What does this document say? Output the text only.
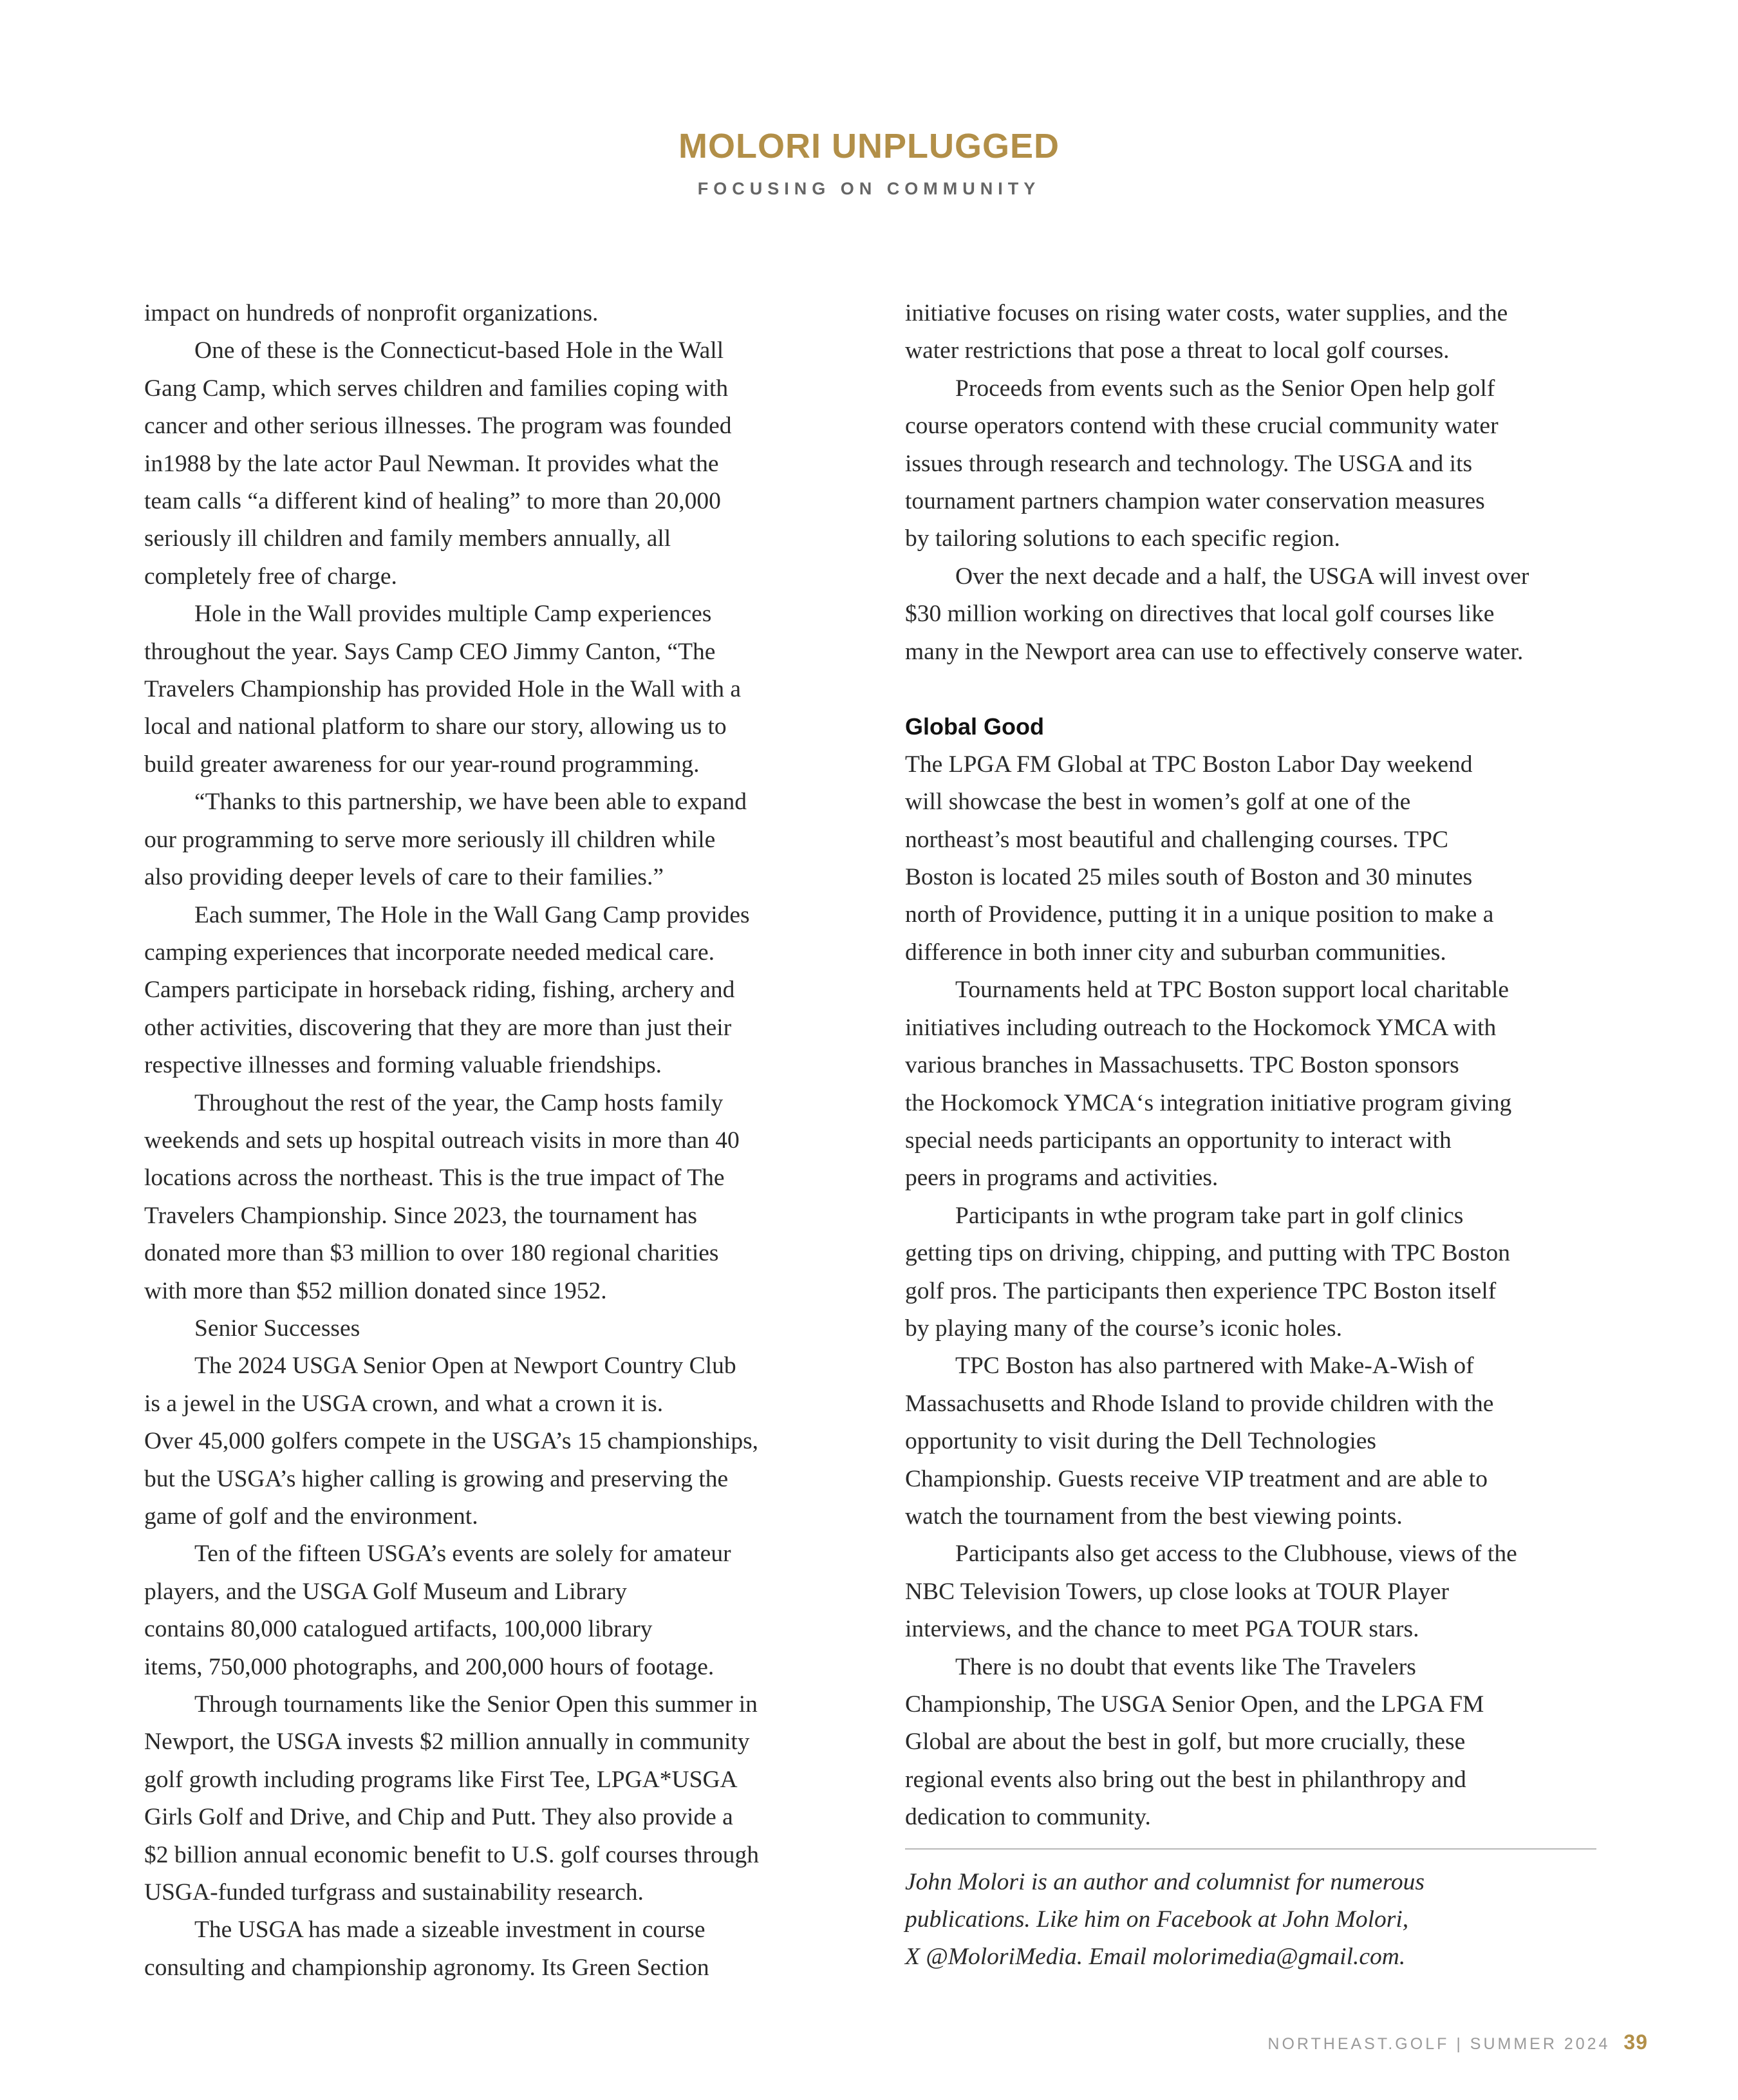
MOLORI UNPLUGGED
FOCUSING ON COMMUNITY
impact on hundreds of nonprofit organizations.
One of these is the Connecticut-based Hole in the Wall
Gang Camp, which serves children and families coping with
cancer and other serious illnesses. The program was founded
in1988 by the late actor Paul Newman. It provides what the
team calls “a different kind of healing” to more than 20,000
seriously ill children and family members annually, all
completely free of charge.
Hole in the Wall provides multiple Camp experiences
throughout the year. Says Camp CEO Jimmy Canton, “The
Travelers Championship has provided Hole in the Wall with a
local and national platform to share our story, allowing us to
build greater awareness for our year-round programming.
“Thanks to this partnership, we have been able to expand
our programming to serve more seriously ill children while
also providing deeper levels of care to their families.”
Each summer, The Hole in the Wall Gang Camp provides
camping experiences that incorporate needed medical care.
Campers participate in horseback riding, fishing, archery and
other activities, discovering that they are more than just their
respective illnesses and forming valuable friendships.
Throughout the rest of the year, the Camp hosts family
weekends and sets up hospital outreach visits in more than 40
locations across the northeast. This is the true impact of The
Travelers Championship. Since 2023, the tournament has
donated more than $3 million to over 180 regional charities
with more than $52 million donated since 1952.
Senior Successes
The 2024 USGA Senior Open at Newport Country Club
is a jewel in the USGA crown, and what a crown it is.
Over 45,000 golfers compete in the USGA’s 15 championships,
but the USGA’s higher calling is growing and preserving the
game of golf and the environment.
Ten of the fifteen USGA’s events are solely for amateur
players, and the USGA Golf Museum and Library
contains 80,000 catalogued artifacts, 100,000 library
items, 750,000 photographs, and 200,000 hours of footage.
Through tournaments like the Senior Open this summer in
Newport, the USGA invests $2 million annually in community
golf growth including programs like First Tee, LPGA*USGA
Girls Golf and Drive, and Chip and Putt. They also provide a
$2 billion annual economic benefit to U.S. golf courses through
USGA-funded turfgrass and sustainability research.
The USGA has made a sizeable investment in course
consulting and championship agronomy. Its Green Section
initiative focuses on rising water costs, water supplies, and the
water restrictions that pose a threat to local golf courses.
Proceeds from events such as the Senior Open help golf
course operators contend with these crucial community water
issues through research and technology. The USGA and its
tournament partners champion water conservation measures
by tailoring solutions to each specific region.
Over the next decade and a half, the USGA will invest over
$30 million working on directives that local golf courses like
many in the Newport area can use to effectively conserve water.
Global Good
The LPGA FM Global at TPC Boston Labor Day weekend
will showcase the best in women’s golf at one of the
northeast’s most beautiful and challenging courses. TPC
Boston is located 25 miles south of Boston and 30 minutes
north of Providence, putting it in a unique position to make a
difference in both inner city and suburban communities.
Tournaments held at TPC Boston support local charitable
initiatives including outreach to the Hockomock YMCA with
various branches in Massachusetts. TPC Boston sponsors
the Hockomock YMCA‘s integration initiative program giving
special needs participants an opportunity to interact with
peers in programs and activities.
Participants in wthe program take part in golf clinics
getting tips on driving, chipping, and putting with TPC Boston
golf pros. The participants then experience TPC Boston itself
by playing many of the course’s iconic holes.
TPC Boston has also partnered with Make-A-Wish of
Massachusetts and Rhode Island to provide children with the
opportunity to visit during the Dell Technologies
Championship. Guests receive VIP treatment and are able to
watch the tournament from the best viewing points.
Participants also get access to the Clubhouse, views of the
NBC Television Towers, up close looks at TOUR Player
interviews, and the chance to meet PGA TOUR stars.
There is no doubt that events like The Travelers
Championship, The USGA Senior Open, and the LPGA FM
Global are about the best in golf, but more crucially, these
regional events also bring out the best in philanthropy and
dedication to community.
John Molori is an author and columnist for numerous
publications. Like him on Facebook at John Molori,
X @MoloriMedia. Email molorimedia@gmail.com.
NORTHEAST.GOLF | SUMMER 2024 39
